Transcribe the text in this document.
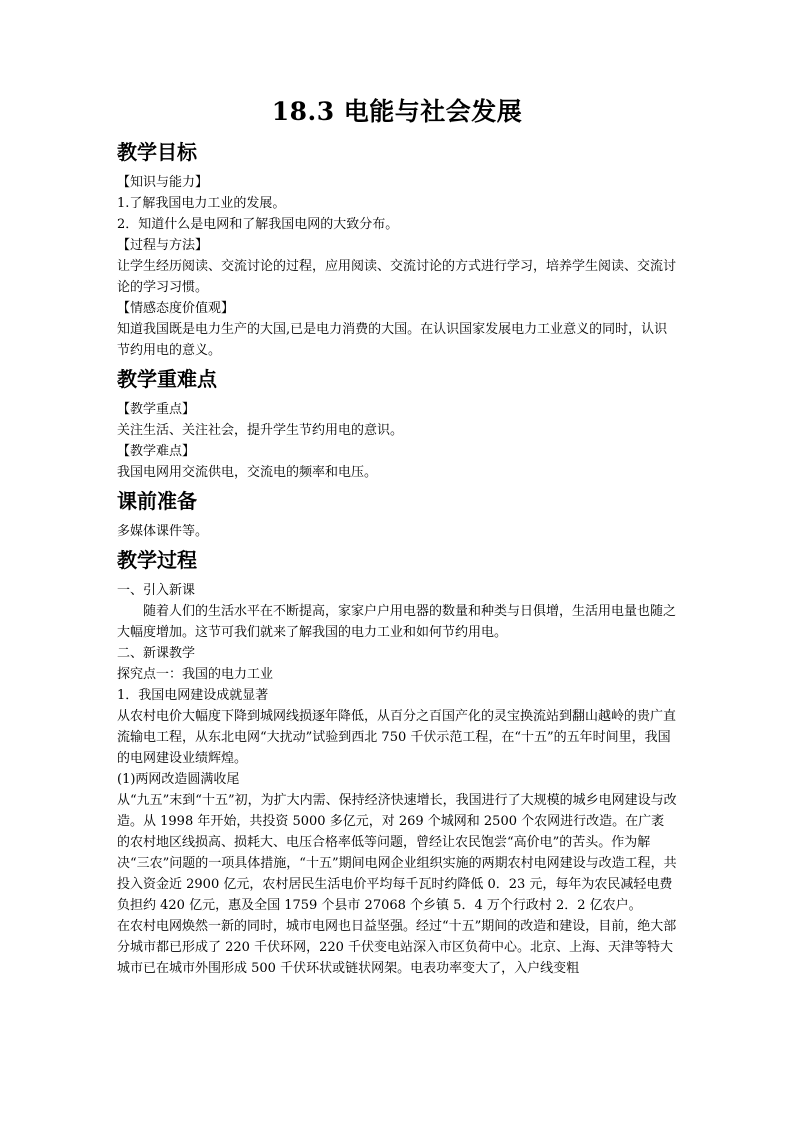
18.3 电能与社会发展
教学目标

【知识与能力】

1.了解我国电力工业的发展。

2．知道什么是电网和了解我国电网的大致分布。

【过程与方法】

让学生经历阅读、交流讨论的过程，应用阅读、交流讨论的方式进行学习，培养学生阅读、交流讨论的学习习惯。

【情感态度价值观】

知道我国既是电力生产的大国,已是电力消费的大国。在认识国家发展电力工业意义的同时，认识节约用电的意义。

教学重难点

【教学重点】

关注生活、关注社会，提升学生节约用电的意识。

【教学难点】

我国电网用交流供电，交流电的频率和电压。

课前准备

多媒体课件等。

教学过程

一、引入新课

随着人们的生活水平在不断提高，家家户户用电器的数量和种类与日俱增，生活用电量也随之大幅度增加。这节可我们就来了解我国的电力工业和如何节约用电。

二、新课教学

探究点一：我国的电力工业

1．我国电网建设成就显著

从农村电价大幅度下降到城网线损逐年降低，从百分之百国产化的灵宝换流站到翻山越岭的贵广直流输电工程，从东北电网“大扰动”试验到西北 750 千伏示范工程，在“十五”的五年时间里，我国的电网建设业绩辉煌。

(1)两网改造圆满收尾

从“九五”末到“十五”初，为扩大内需、保持经济快速增长，我国进行了大规模的城乡电网建设与改造。从 1998 年开始，共投资 5000 多亿元，对 269 个城网和 2500 个农网进行改造。在广袤的农村地区线损高、损耗大、电压合格率低等问题，曾经让农民饱尝“高价电”的苦头。作为解决“三农”问题的一项具体措施，“十五”期间电网企业组织实施的两期农村电网建设与改造工程，共投入资金近 2900 亿元，农村居民生活电价平均每千瓦时约降低 0．23 元，每年为农民减轻电费负担约 420 亿元，惠及全国 1759 个县市 27068 个乡镇 5．4 万个行政村 2．2 亿农户。

在农村电网焕然一新的同时，城市电网也日益坚强。经过“十五”期间的改造和建设，目前，绝大部分城市都已形成了 220 千伏环网，220 千伏变电站深入市区负荷中心。北京、上海、天津等特大城市已在城市外围形成 500 千伏环状或链状网架。电表功率变大了，入户线变粗
